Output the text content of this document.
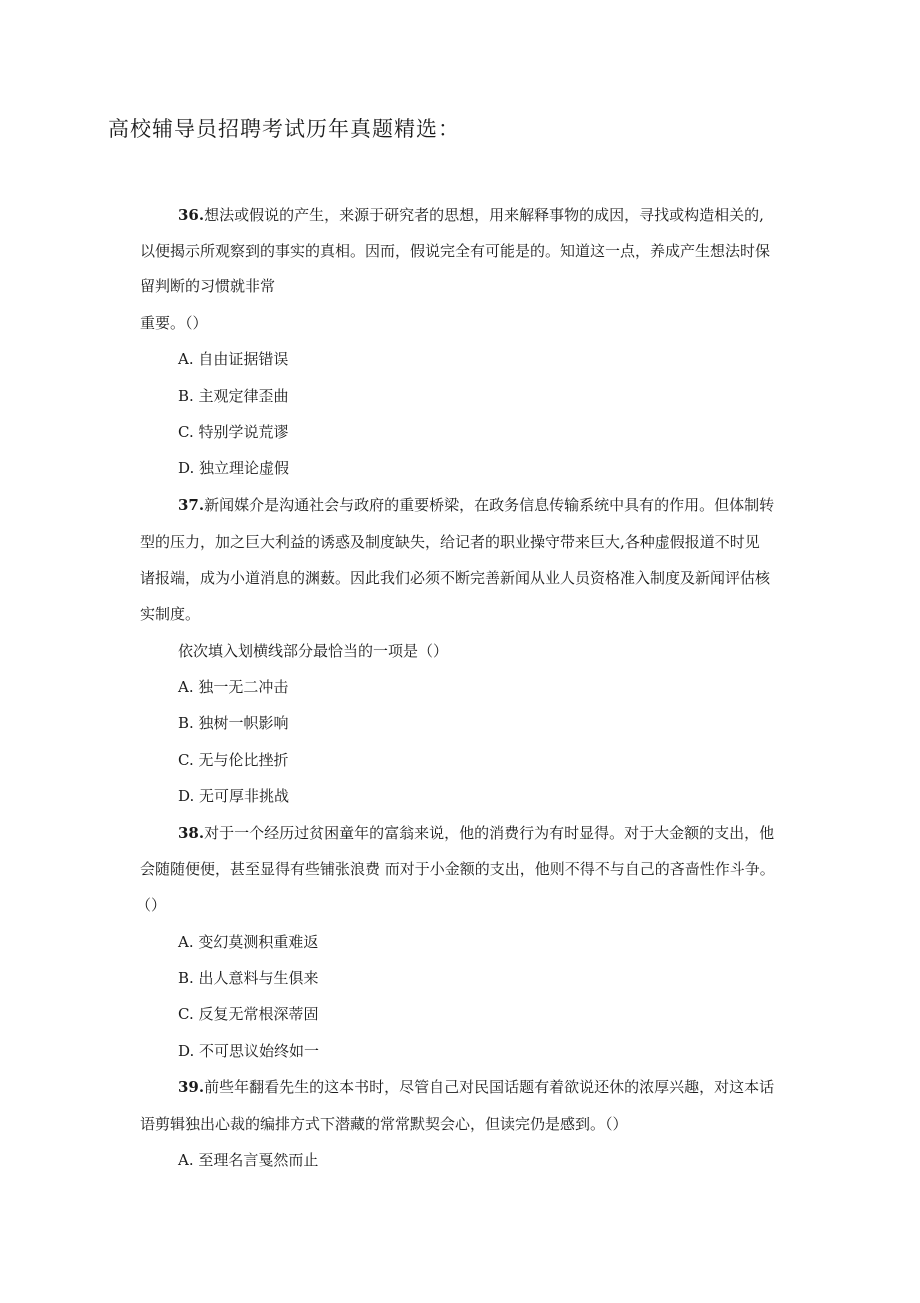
高校辅导员招聘考试历年真题精选：
36.想法或假说的产生，来源于研究者的思想，用来解释事物的成因，寻找或构造相关的,
以便揭示所观察到的事实的真相。因而，假说完全有可能是的。知道这一点，养成产生想法时保
留判断的习惯就非常
重要。（）
A. 自由证据错误
B. 主观定律歪曲
C. 特别学说荒谬
D. 独立理论虚假
37.新闻媒介是沟通社会与政府的重要桥梁，在政务信息传输系统中具有的作用。但体制转
型的压力，加之巨大利益的诱惑及制度缺失，给记者的职业操守带来巨大,各种虚假报道不时见
诸报端，成为小道消息的渊薮。因此我们必须不断完善新闻从业人员资格准入制度及新闻评估核
实制度。
依次填入划横线部分最恰当的一项是（）
A. 独一无二冲击
B. 独树一帜影响
C. 无与伦比挫折
D. 无可厚非挑战
38.对于一个经历过贫困童年的富翁来说，他的消费行为有时显得。对于大金额的支出，他
会随随便便，甚至显得有些铺张浪费 而对于小金额的支出，他则不得不与自己的吝啬性作斗争。
（）
A. 变幻莫测积重难返
B. 出人意料与生俱来
C. 反复无常根深蒂固
D. 不可思议始终如一
39.前些年翻看先生的这本书时，尽管自己对民国话题有着欲说还休的浓厚兴趣，对这本话
语剪辑独出心裁的编排方式下潜藏的常常默契会心，但读完仍是感到。（）
A. 至理名言戛然而止
